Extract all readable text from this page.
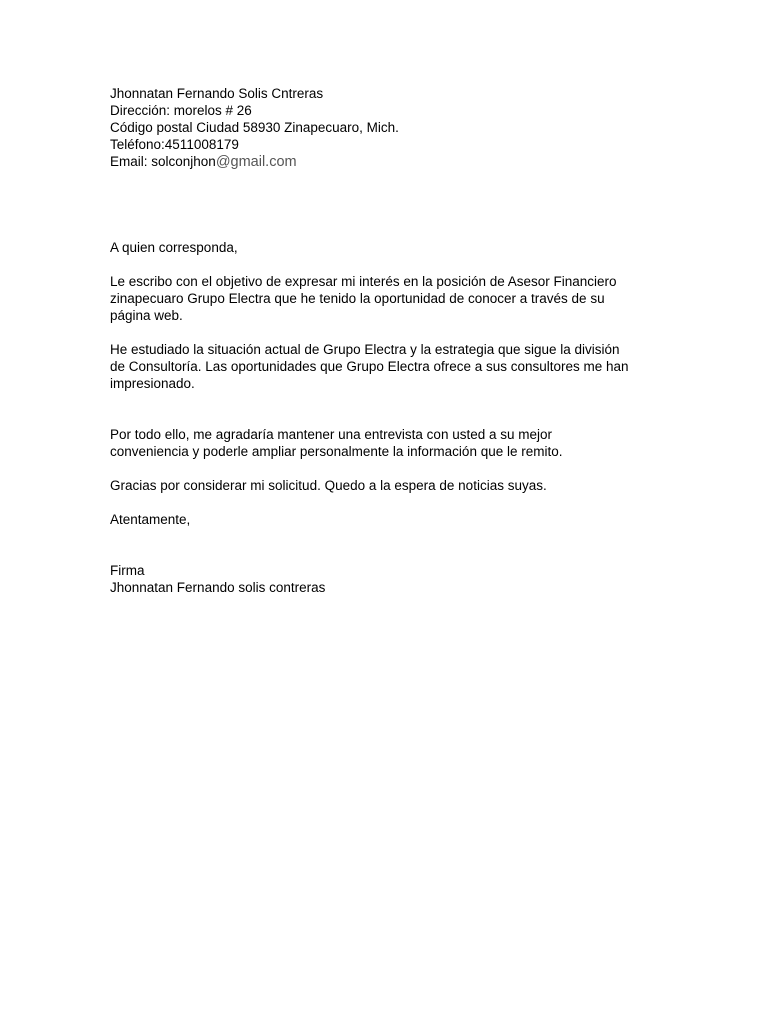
Jhonnatan Fernando Solis Cntreras
Dirección: morelos # 26
Código postal Ciudad 58930 Zinapecuaro, Mich.
Teléfono:4511008179
Email: solconjhon@gmail.com
A quien corresponda,

Le escribo con el objetivo de expresar mi interés en la posición de Asesor Financiero
zinapecuaro Grupo Electra que he tenido la oportunidad de conocer a través de su
página web.

He estudiado la situación actual de Grupo Electra y la estrategia que sigue la división
de Consultoría. Las oportunidades que Grupo Electra ofrece a sus consultores me han
impresionado.

Por todo ello, me agradaría mantener una entrevista con usted a su mejor
conveniencia y poderle ampliar personalmente la información que le remito.

Gracias por considerar mi solicitud. Quedo a la espera de noticias suyas.

Atentamente,
Firma
Jhonnatan Fernando solis contreras
